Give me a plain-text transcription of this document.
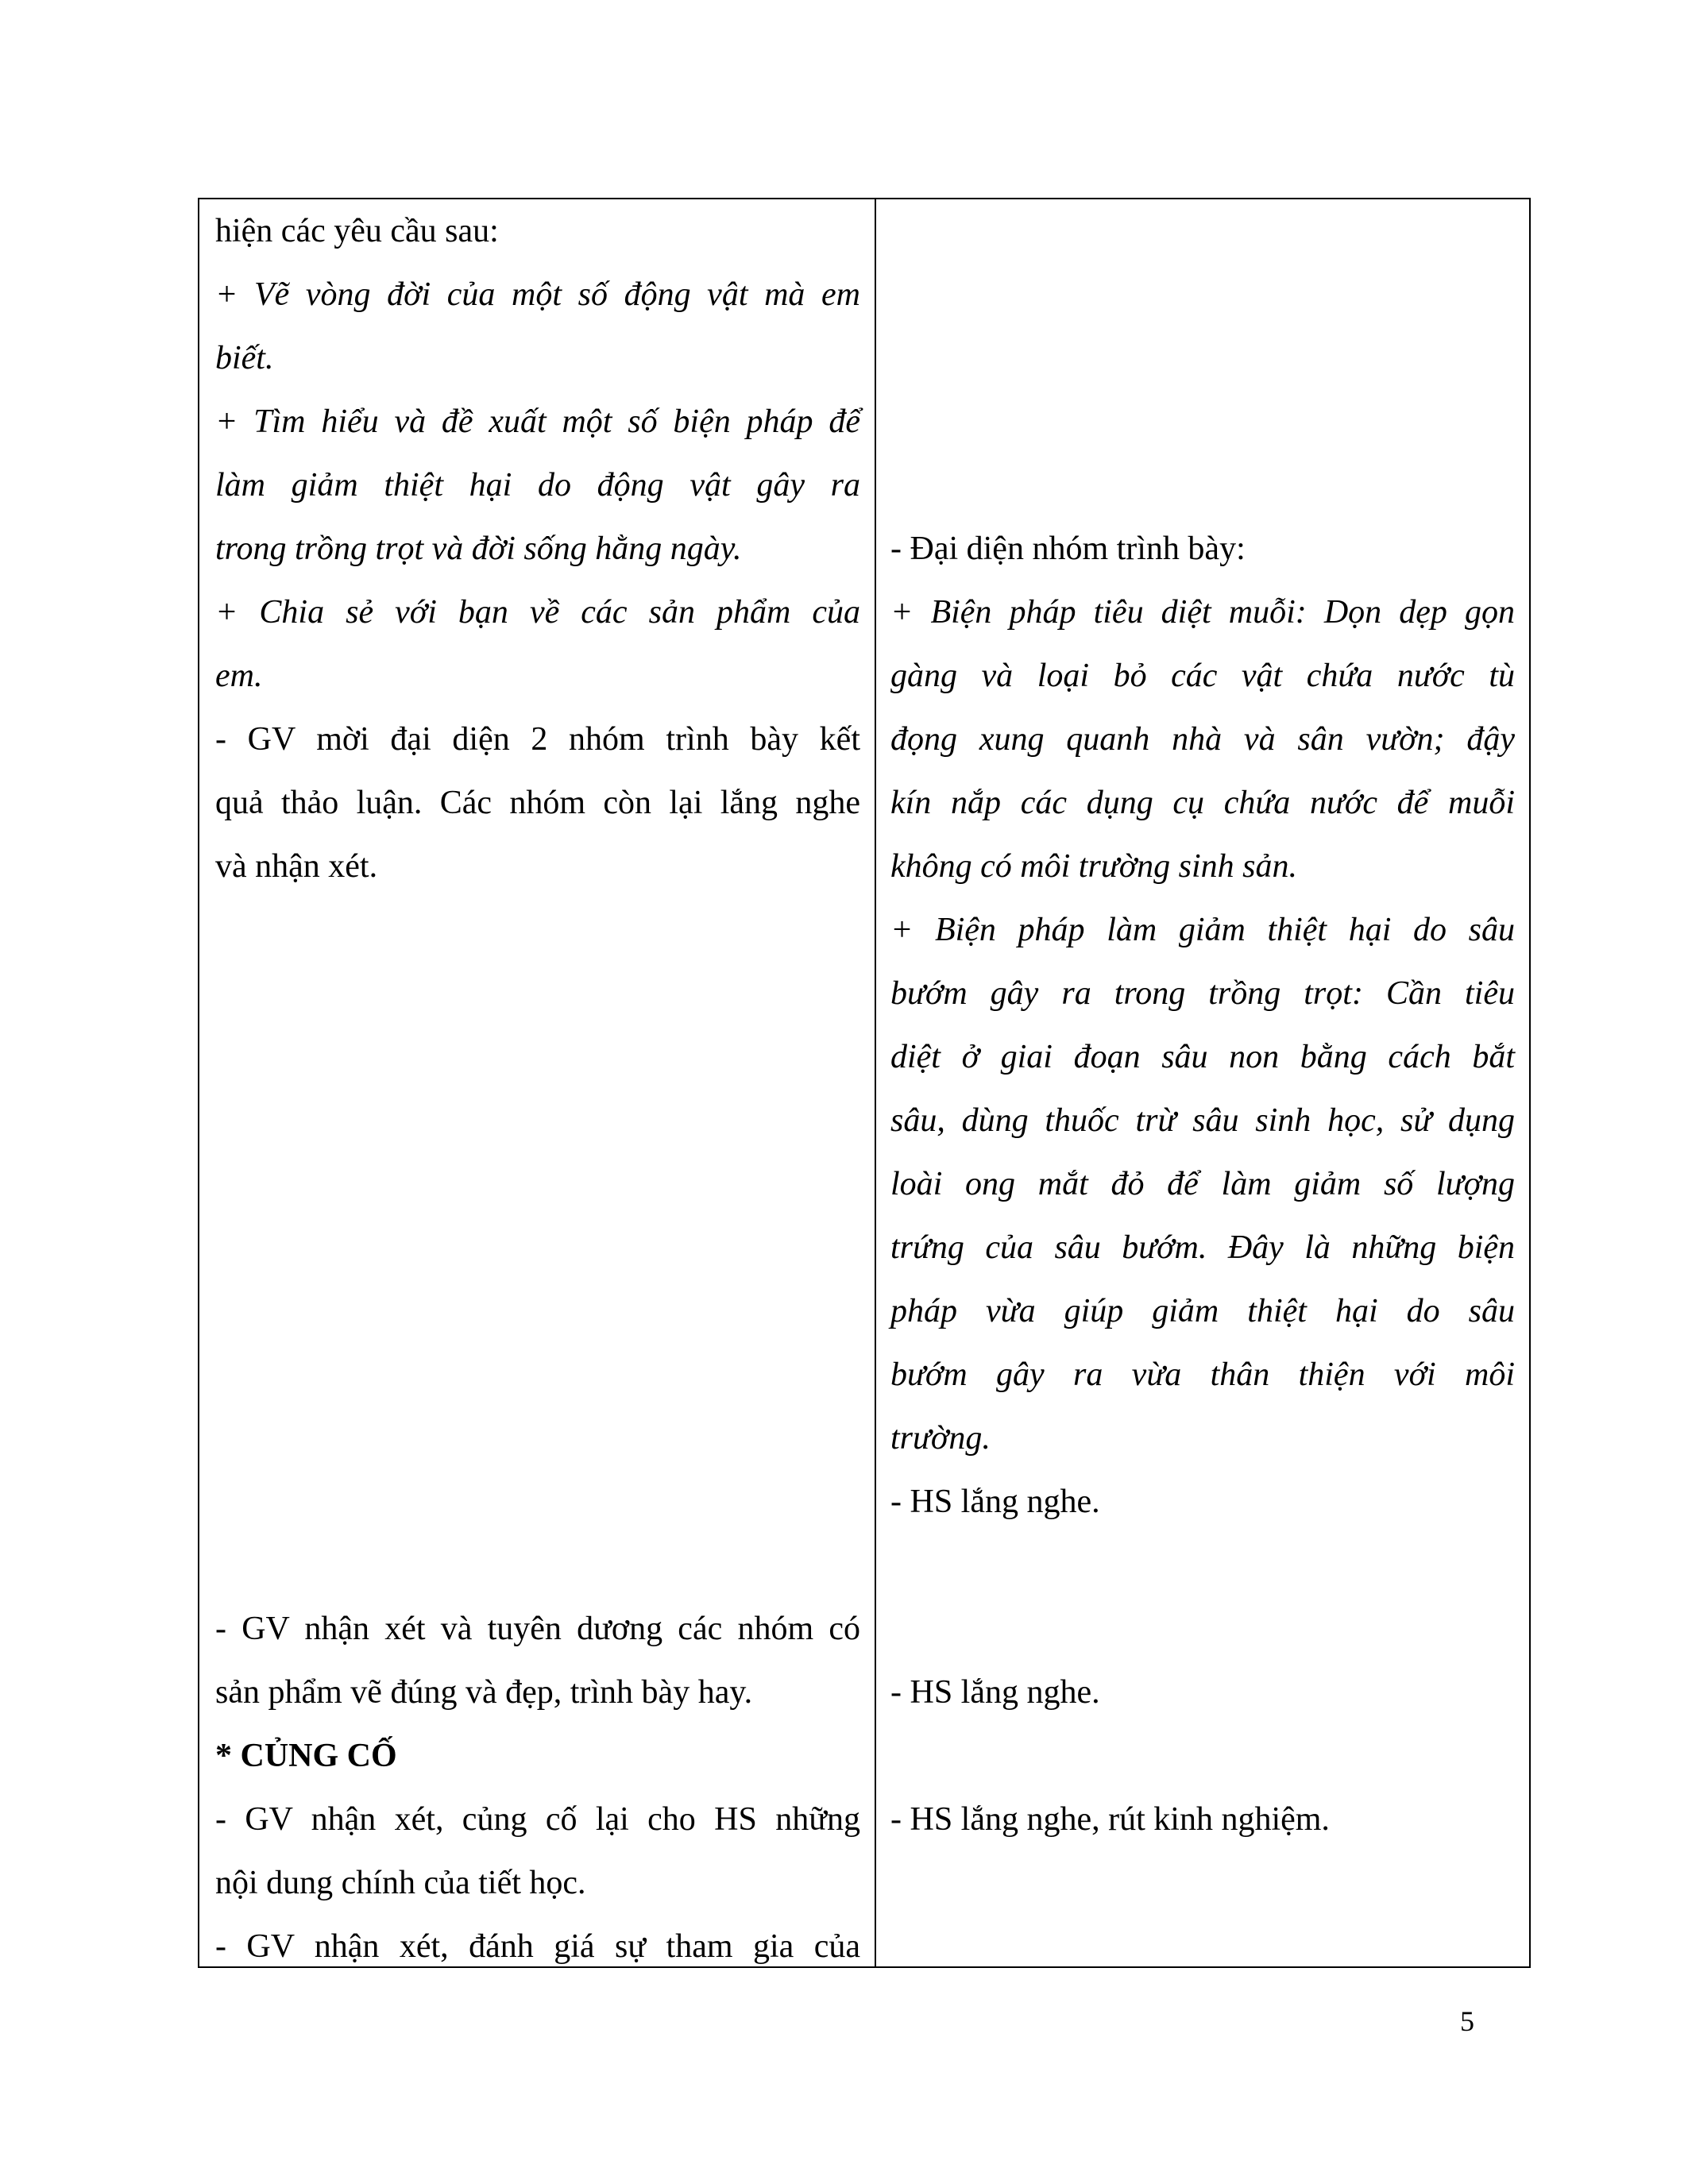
hiện các yêu cầu sau:
+ Vẽ vòng đời của một số động vật mà em
biết.
+ Tìm hiểu và đề xuất một số biện pháp để
làm giảm thiệt hại do động vật gây ra
trong trồng trọt và đời sống hằng ngày.
+ Chia sẻ với bạn về các sản phẩm của
em.
- GV mời đại diện 2 nhóm trình bày kết
quả thảo luận. Các nhóm còn lại lắng nghe
và nhận xét.
- GV nhận xét và tuyên dương các nhóm có
sản phẩm vẽ đúng và đẹp, trình bày hay.
* CỦNG CỐ
- GV nhận xét, củng cố lại cho HS những
nội dung chính của tiết học.
- GV nhận xét, đánh giá sự tham gia của
- Đại diện nhóm trình bày:
+ Biện pháp tiêu diệt muỗi: Dọn dẹp gọn
gàng và loại bỏ các vật chứa nước tù
đọng xung quanh nhà và sân vườn; đậy
kín nắp các dụng cụ chứa nước để muỗi
không có môi trường sinh sản.
+ Biện pháp làm giảm thiệt hại do sâu
bướm gây ra trong trồng trọt: Cần tiêu
diệt ở giai đoạn sâu non bằng cách bắt
sâu, dùng thuốc trừ sâu sinh học, sử dụng
loài ong mắt đỏ để làm giảm số lượng
trứng của sâu bướm. Đây là những biện
pháp vừa giúp giảm thiệt hại do sâu
bướm gây ra vừa thân thiện với môi
trường.
- HS lắng nghe.
- HS lắng nghe.
- HS lắng nghe, rút kinh nghiệm.
5
